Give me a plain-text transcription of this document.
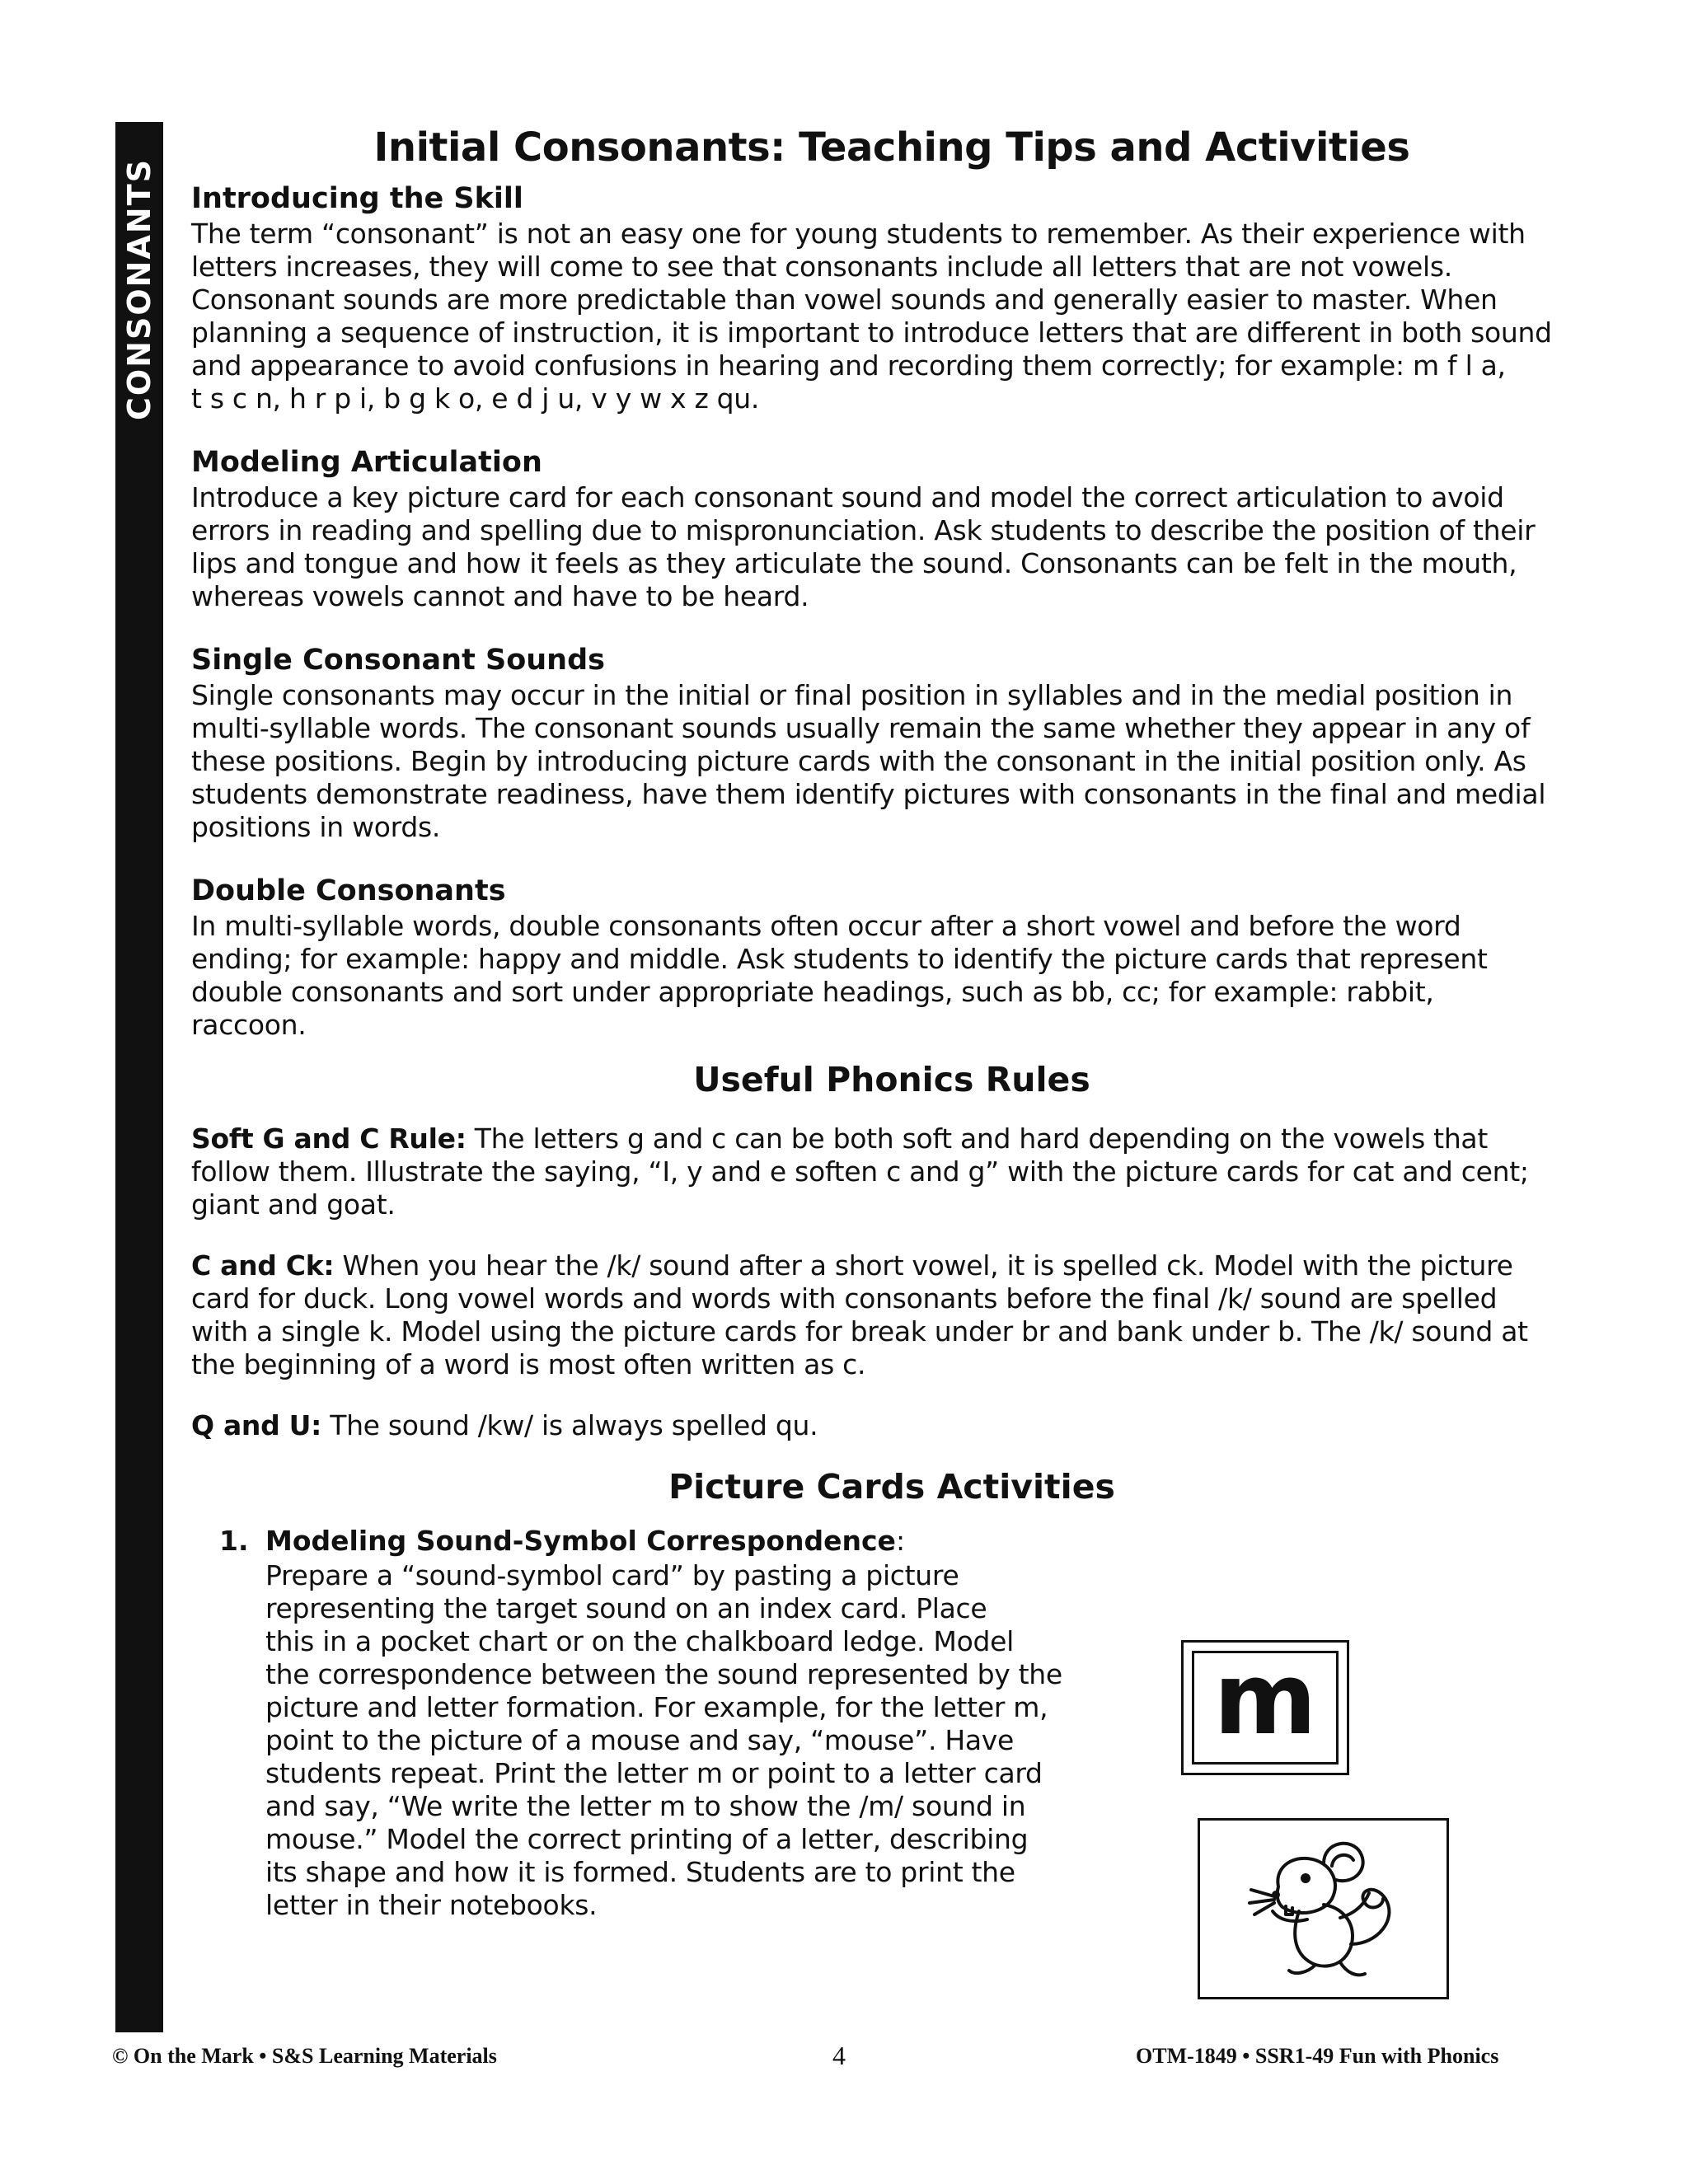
CONSONANTS
Initial Consonants: Teaching Tips and Activities
Introducing the Skill

The term “consonant” is not an easy one for young students to remember. As their experience with
letters increases, they will come to see that consonants include all letters that are not vowels.
Consonant sounds are more predictable than vowel sounds and generally easier to master. When
planning a sequence of instruction, it is important to introduce letters that are different in both sound
and appearance to avoid confusions in hearing and recording them correctly; for example: m f l a,
t s c n, h r p i, b g k o, e d j u, v y w x z qu.

Modeling Articulation

Introduce a key picture card for each consonant sound and model the correct articulation to avoid
errors in reading and spelling due to mispronunciation. Ask students to describe the position of their
lips and tongue and how it feels as they articulate the sound. Consonants can be felt in the mouth,
whereas vowels cannot and have to be heard.

Single Consonant Sounds

Single consonants may occur in the initial or final position in syllables and in the medial position in
multi-syllable words. The consonant sounds usually remain the same whether they appear in any of
these positions. Begin by introducing picture cards with the consonant in the initial position only. As
students demonstrate readiness, have them identify pictures with consonants in the final and medial
positions in words.

Double Consonants

In multi-syllable words, double consonants often occur after a short vowel and before the word
ending; for example: happy and middle. Ask students to identify the picture cards that represent
double consonants and sort under appropriate headings, such as bb, cc; for example: rabbit,
raccoon.

Useful Phonics Rules

Soft G and C Rule: The letters g and c can be both soft and hard depending on the vowels that
follow them. Illustrate the saying, “I, y and e soften c and g” with the picture cards for cat and cent;
giant and goat.

C and Ck: When you hear the /k/ sound after a short vowel, it is spelled ck. Model with the picture
card for duck. Long vowel words and words with consonants before the final /k/ sound are spelled
with a single k. Model using the picture cards for break under br and bank under b. The /k/ sound at
the beginning of a word is most often written as c.

Q and U: The sound /kw/ is always spelled qu.

Picture Cards Activities
1. Modeling Sound-Symbol Correspondence:
Prepare a “sound-symbol card” by pasting a picture
representing the target sound on an index card. Place
this in a pocket chart or on the chalkboard ledge. Model
the correspondence between the sound represented by the
picture and letter formation. For example, for the letter m,
point to the picture of a mouse and say, “mouse”. Have
students repeat. Print the letter m or point to a letter card
and say, “We write the letter m to show the /m/ sound in
mouse.” Model the correct printing of a letter, describing
its shape and how it is formed. Students are to print the
letter in their notebooks.
m
© On the Mark • S&S Learning Materials	4	OTM-1849 • SSR1-49 Fun with Phonics
